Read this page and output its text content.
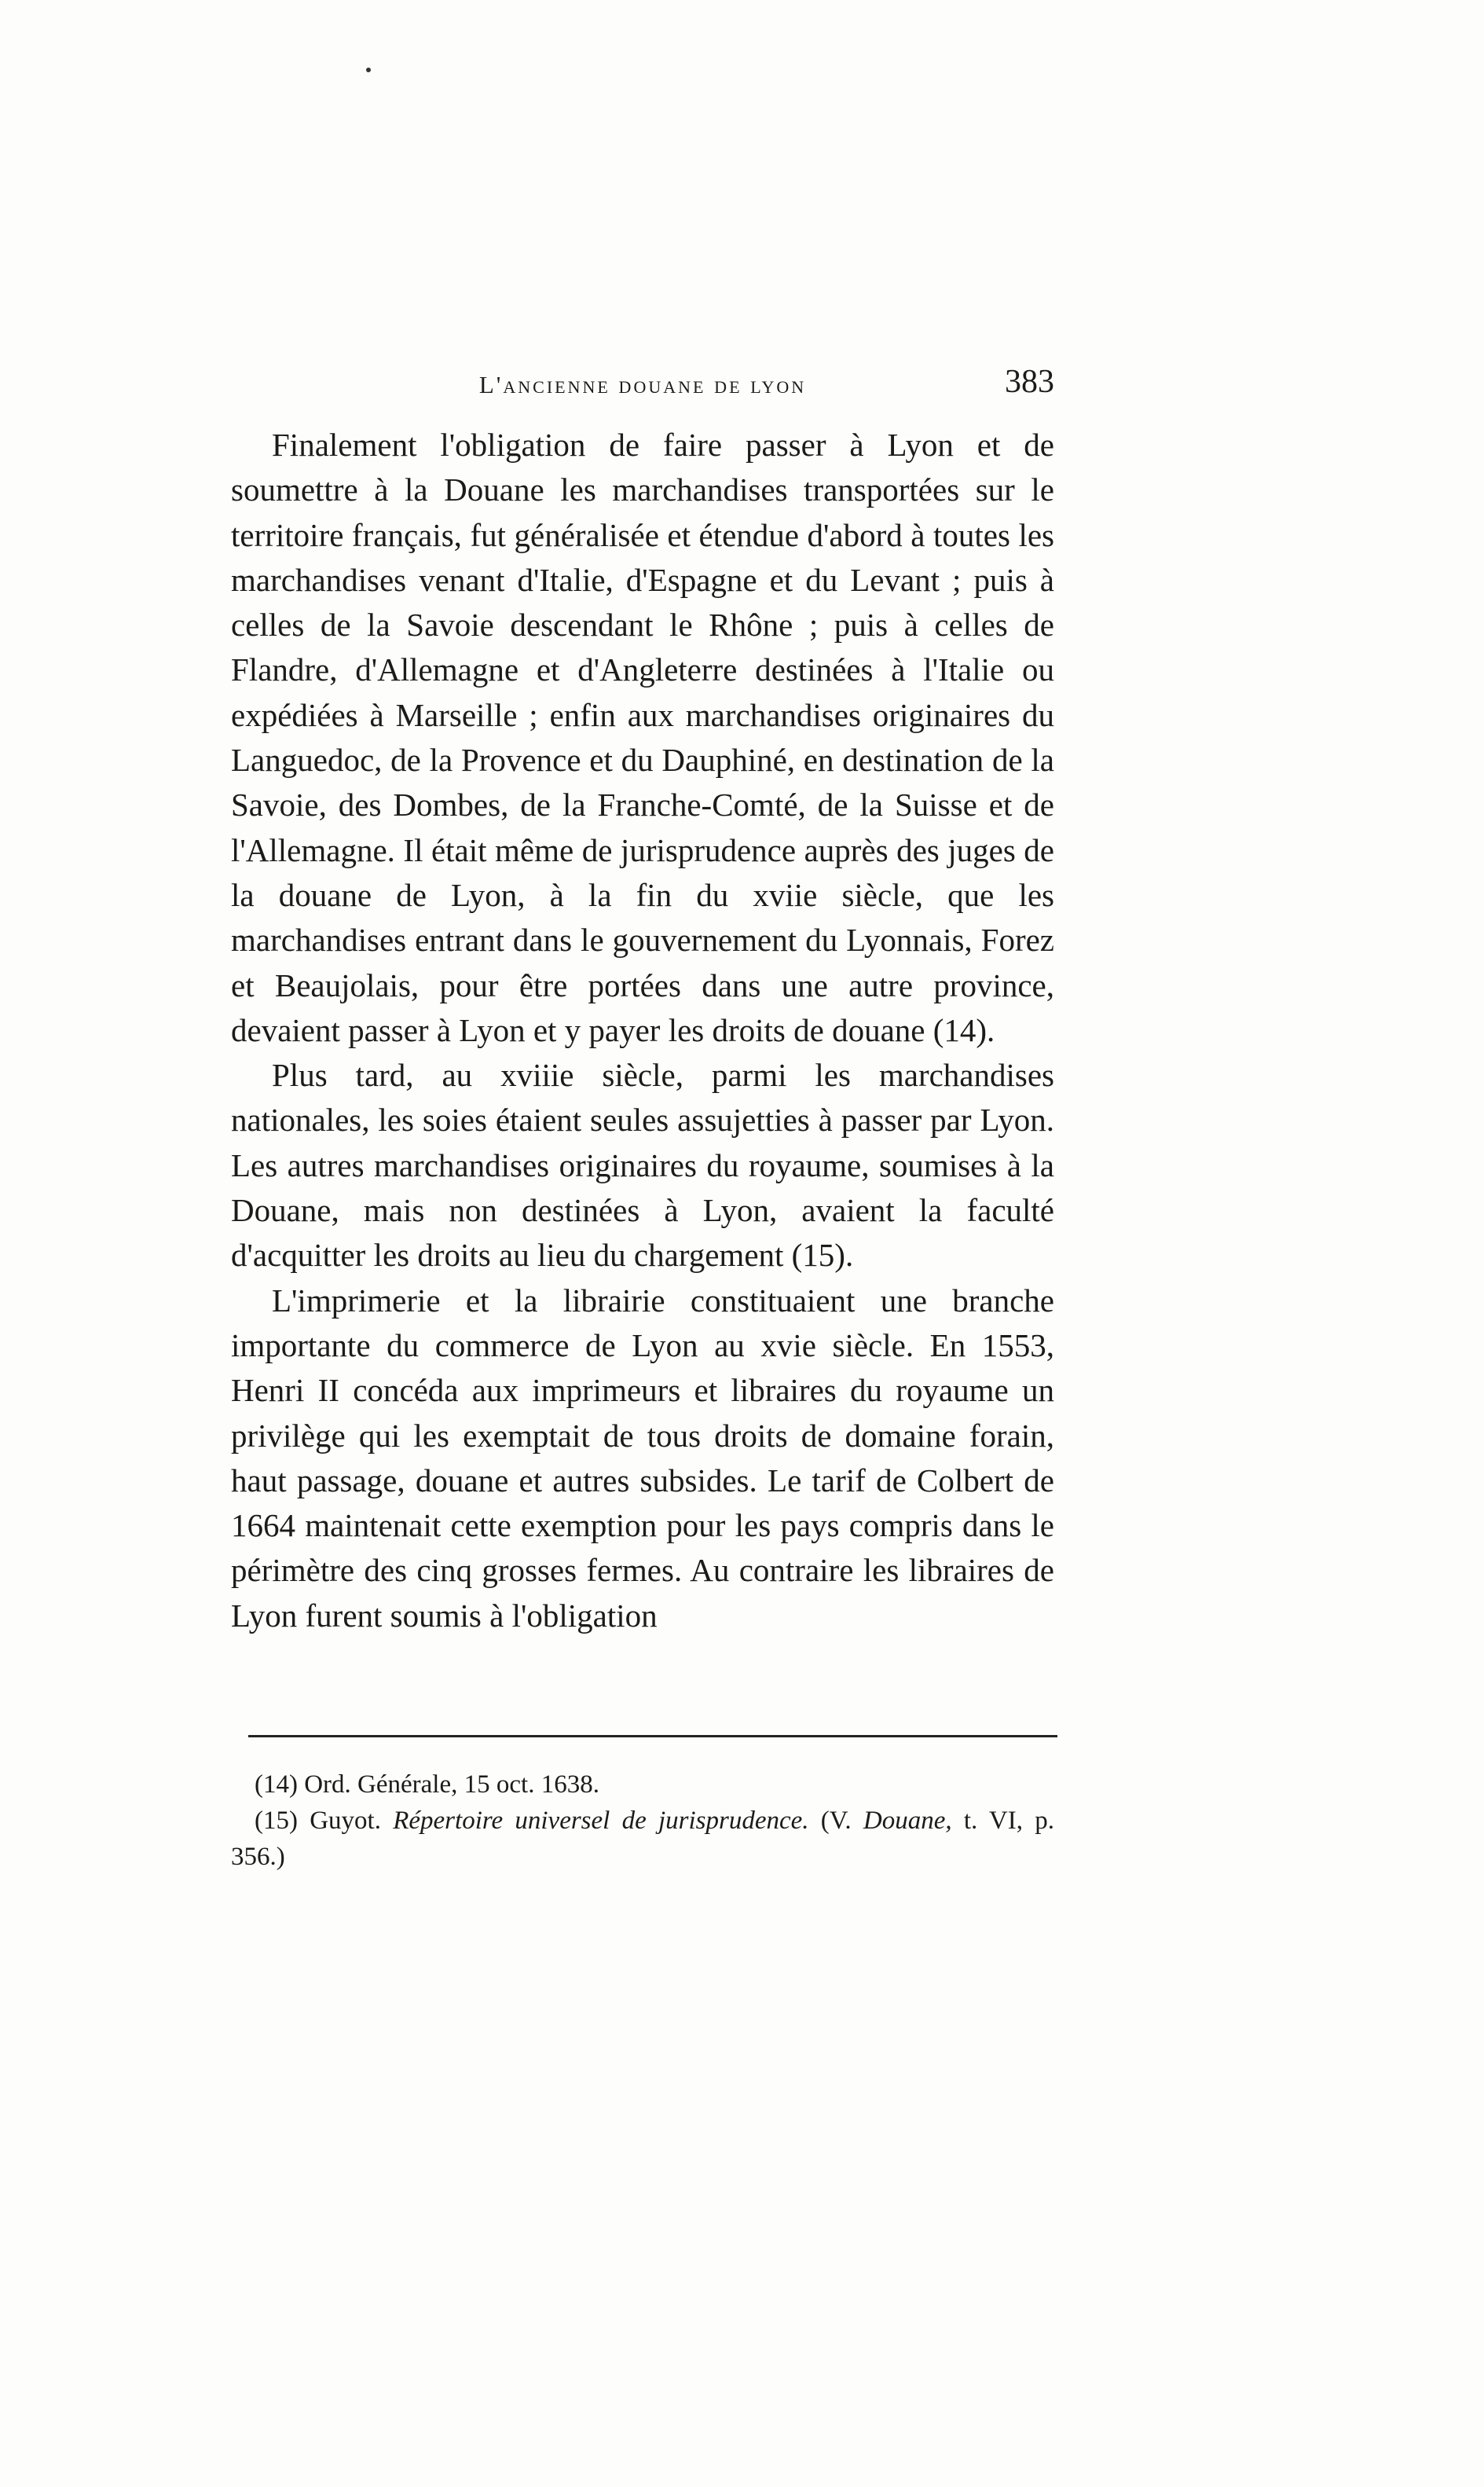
L'ancienne douane de lyon	383

Finalement l'obligation de faire passer à Lyon et de soumettre à la Douane les marchandises transportées sur le territoire français, fut généralisée et étendue d'abord à toutes les marchandises venant d'Italie, d'Espagne et du Levant ; puis à celles de la Savoie descendant le Rhône ; puis à celles de Flandre, d'Allemagne et d'Angleterre destinées à l'Italie ou expédiées à Marseille ; enfin aux marchandises originaires du Languedoc, de la Provence et du Dauphiné, en destination de la Savoie, des Dombes, de la Franche-Comté, de la Suisse et de l'Allemagne. Il était même de jurisprudence auprès des juges de la douane de Lyon, à la fin du xviie siècle, que les marchandises entrant dans le gouvernement du Lyonnais, Forez et Beaujolais, pour être portées dans une autre province, devaient passer à Lyon et y payer les droits de douane (14).

Plus tard, au xviiie siècle, parmi les marchandises nationales, les soies étaient seules assujetties à passer par Lyon. Les autres marchandises originaires du royaume, soumises à la Douane, mais non destinées à Lyon, avaient la faculté d'acquitter les droits au lieu du chargement (15).

L'imprimerie et la librairie constituaient une branche importante du commerce de Lyon au xvie siècle. En 1553, Henri II concéda aux imprimeurs et libraires du royaume un privilège qui les exemptait de tous droits de domaine forain, haut passage, douane et autres subsides. Le tarif de Colbert de 1664 maintenait cette exemption pour les pays compris dans le périmètre des cinq grosses fermes. Au contraire les libraires de Lyon furent soumis à l'obligation

(14) Ord. Générale, 15 oct. 1638.

(15) Guyot. Répertoire universel de jurisprudence. (V. Douane, t. VI, p. 356.)
